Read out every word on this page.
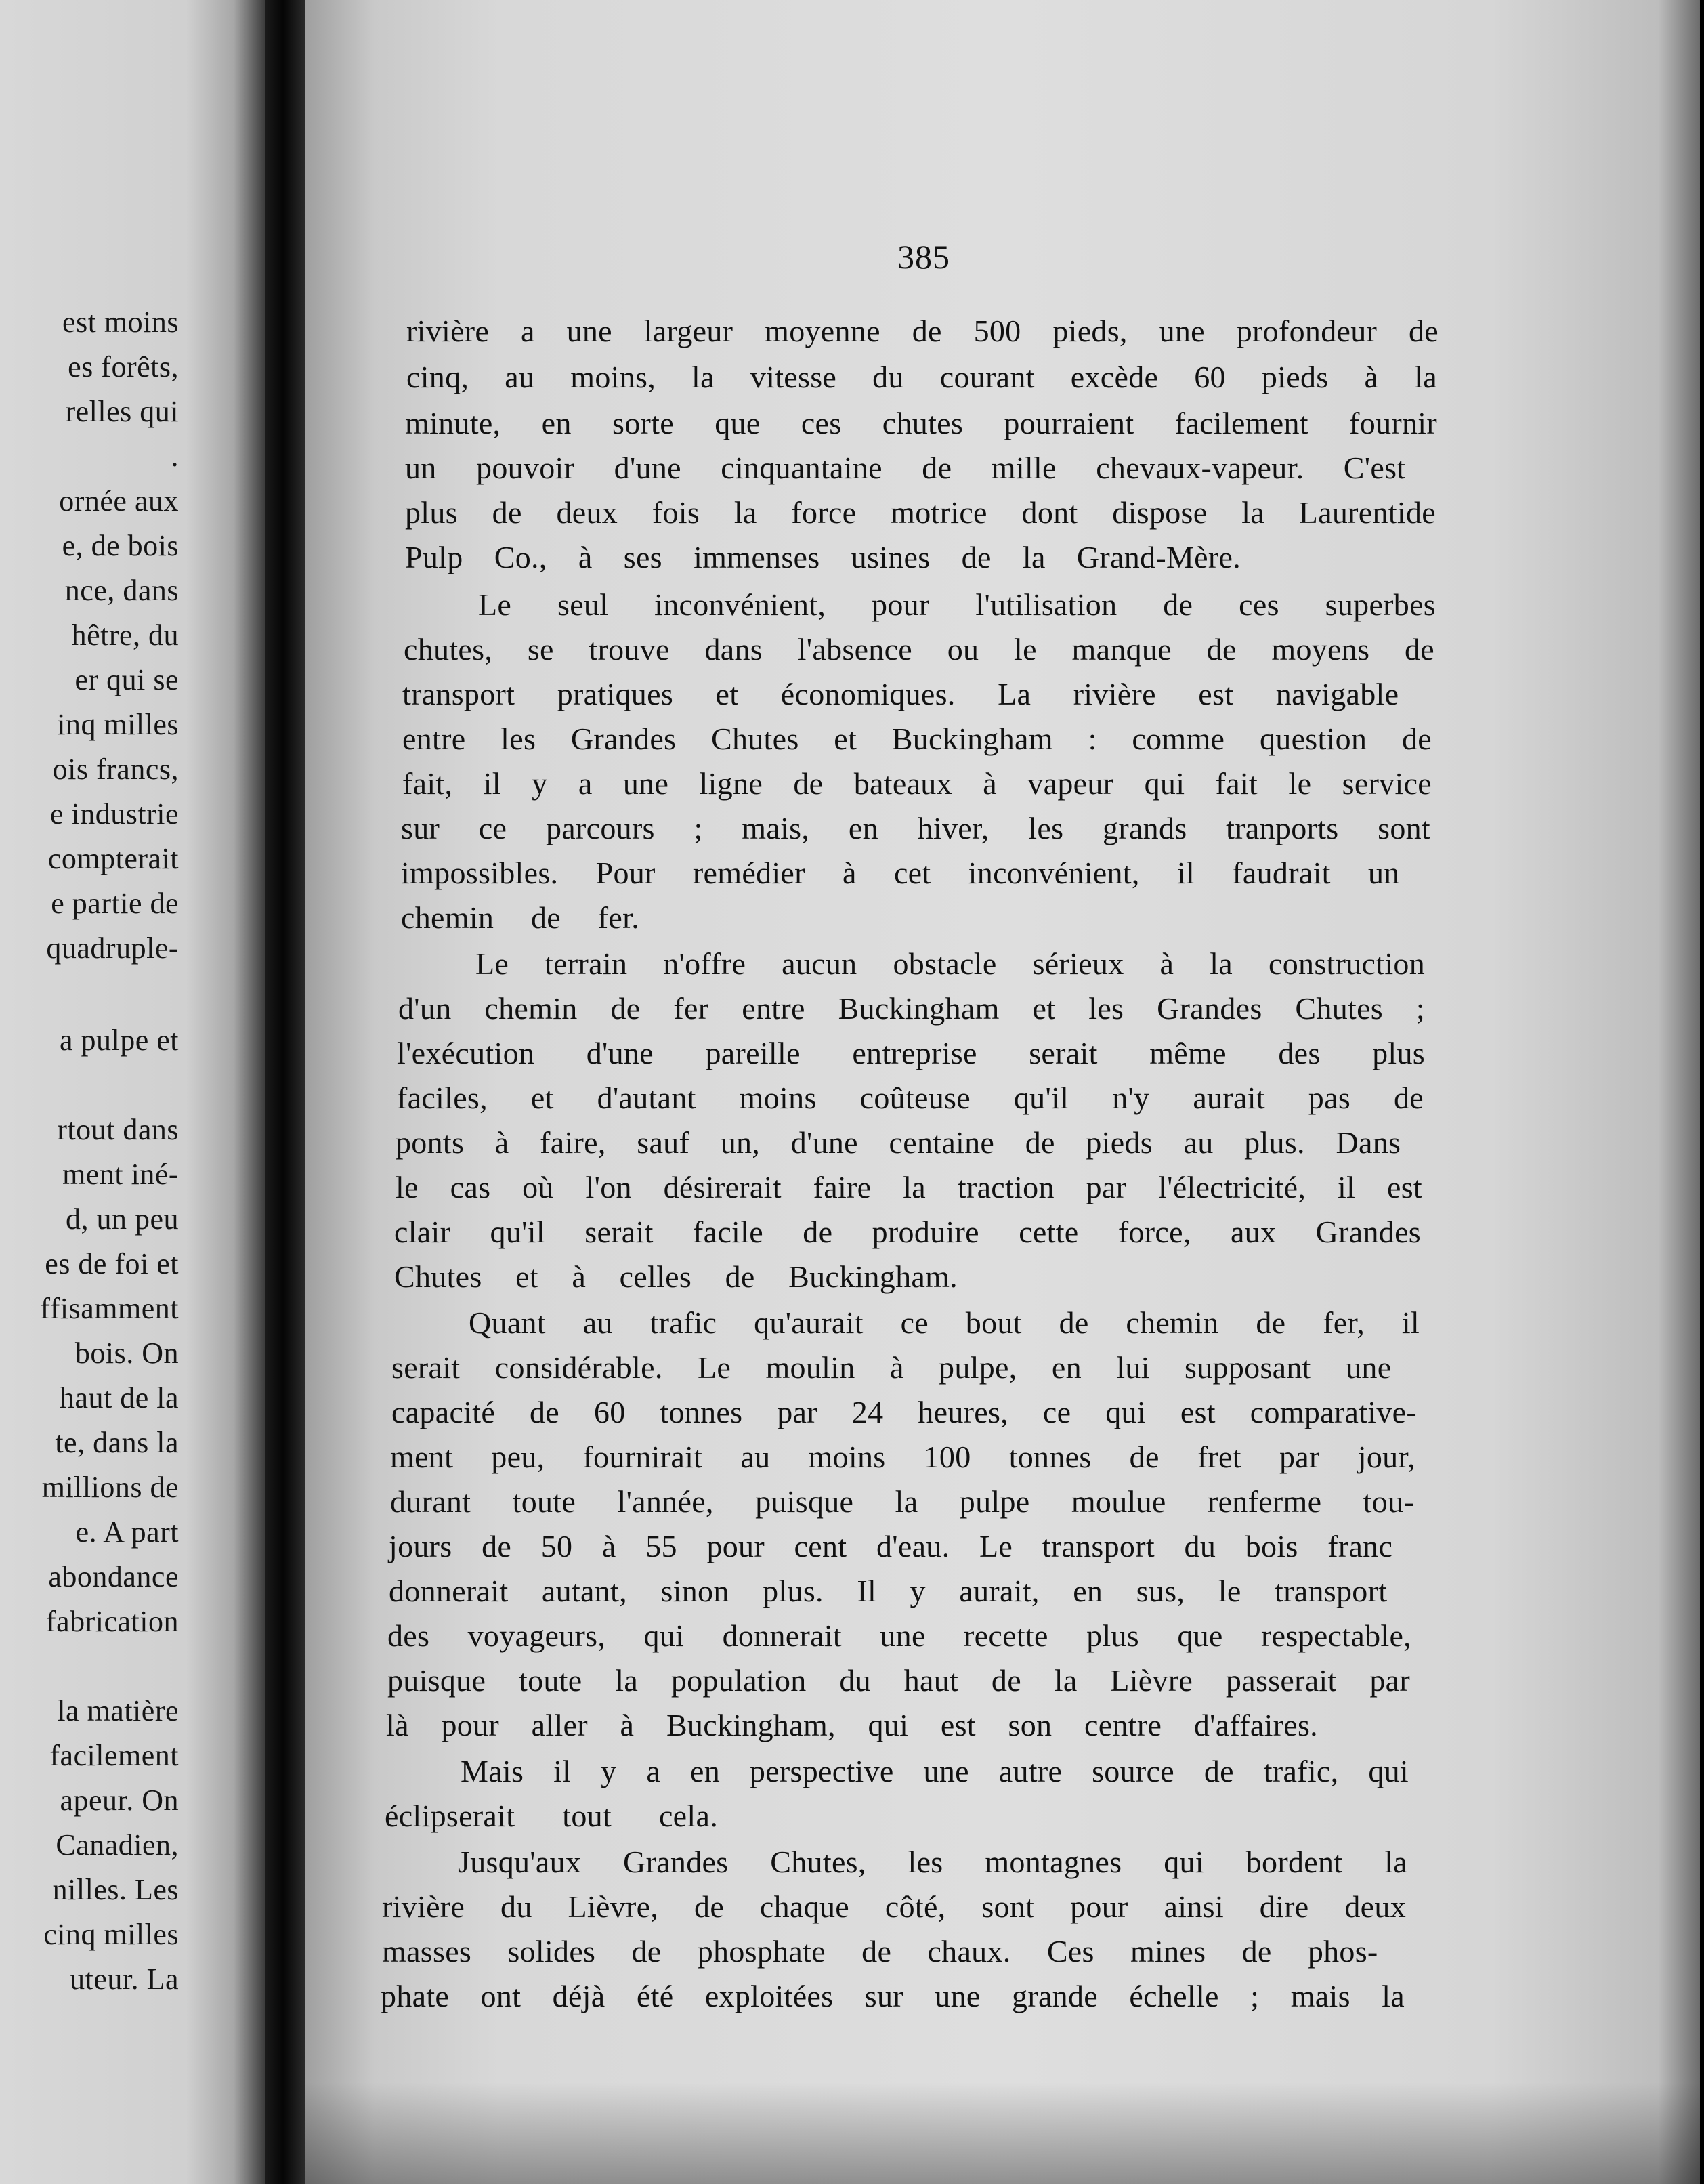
est moins
es forêts,
relles qui
.
ornée aux
e, de bois
nce, dans
hêtre, du
er qui se
inq milles
ois francs,
e industrie
compterait
e partie de
quadruple-
a pulpe et
rtout dans
ment iné-
d, un peu
es de foi et
ffisamment
bois. On
haut de la
te, dans la
millions de
e. A part
abondance
fabrication
la matière
facilement
apeur. On
Canadien,
nilles. Les
cinq milles
uteur. La
385
rivière a une largeur moyenne de 500 pieds, une profondeur de
cinq, au moins, la vitesse du courant excède 60 pieds à la
minute, en sorte que ces chutes pourraient facilement fournir
un pouvoir d'une cinquantaine de mille chevaux-vapeur. C'est
plus de deux fois la force motrice dont dispose la Laurentide
Pulp Co., à ses immenses usines de la Grand-Mère.
Le seul inconvénient, pour l'utilisation de ces superbes
chutes, se trouve dans l'absence ou le manque de moyens de
transport pratiques et économiques. La rivière est navigable
entre les Grandes Chutes et Buckingham : comme question de
fait, il y a une ligne de bateaux à vapeur qui fait le service
sur ce parcours ; mais, en hiver, les grands tranports sont
impossibles. Pour remédier à cet inconvénient, il faudrait un
chemin de fer.
Le terrain n'offre aucun obstacle sérieux à la construction
d'un chemin de fer entre Buckingham et les Grandes Chutes ;
l'exécution d'une pareille entreprise serait même des plus
faciles, et d'autant moins coûteuse qu'il n'y aurait pas de
ponts à faire, sauf un, d'une centaine de pieds au plus. Dans
le cas où l'on désirerait faire la traction par l'électricité, il est
clair qu'il serait facile de produire cette force, aux Grandes
Chutes et à celles de Buckingham.
Quant au trafic qu'aurait ce bout de chemin de fer, il
serait considérable. Le moulin à pulpe, en lui supposant une
capacité de 60 tonnes par 24 heures, ce qui est comparative-
ment peu, fournirait au moins 100 tonnes de fret par jour,
durant toute l'année, puisque la pulpe moulue renferme tou-
jours de 50 à 55 pour cent d'eau. Le transport du bois franc
donnerait autant, sinon plus. Il y aurait, en sus, le transport
des voyageurs, qui donnerait une recette plus que respectable,
puisque toute la population du haut de la Lièvre passerait par
là pour aller à Buckingham, qui est son centre d'affaires.
Mais il y a en perspective une autre source de trafic, qui
éclipserait tout cela.
Jusqu'aux Grandes Chutes, les montagnes qui bordent la
rivière du Lièvre, de chaque côté, sont pour ainsi dire deux
masses solides de phosphate de chaux. Ces mines de phos-
phate ont déjà été exploitées sur une grande échelle ; mais la
